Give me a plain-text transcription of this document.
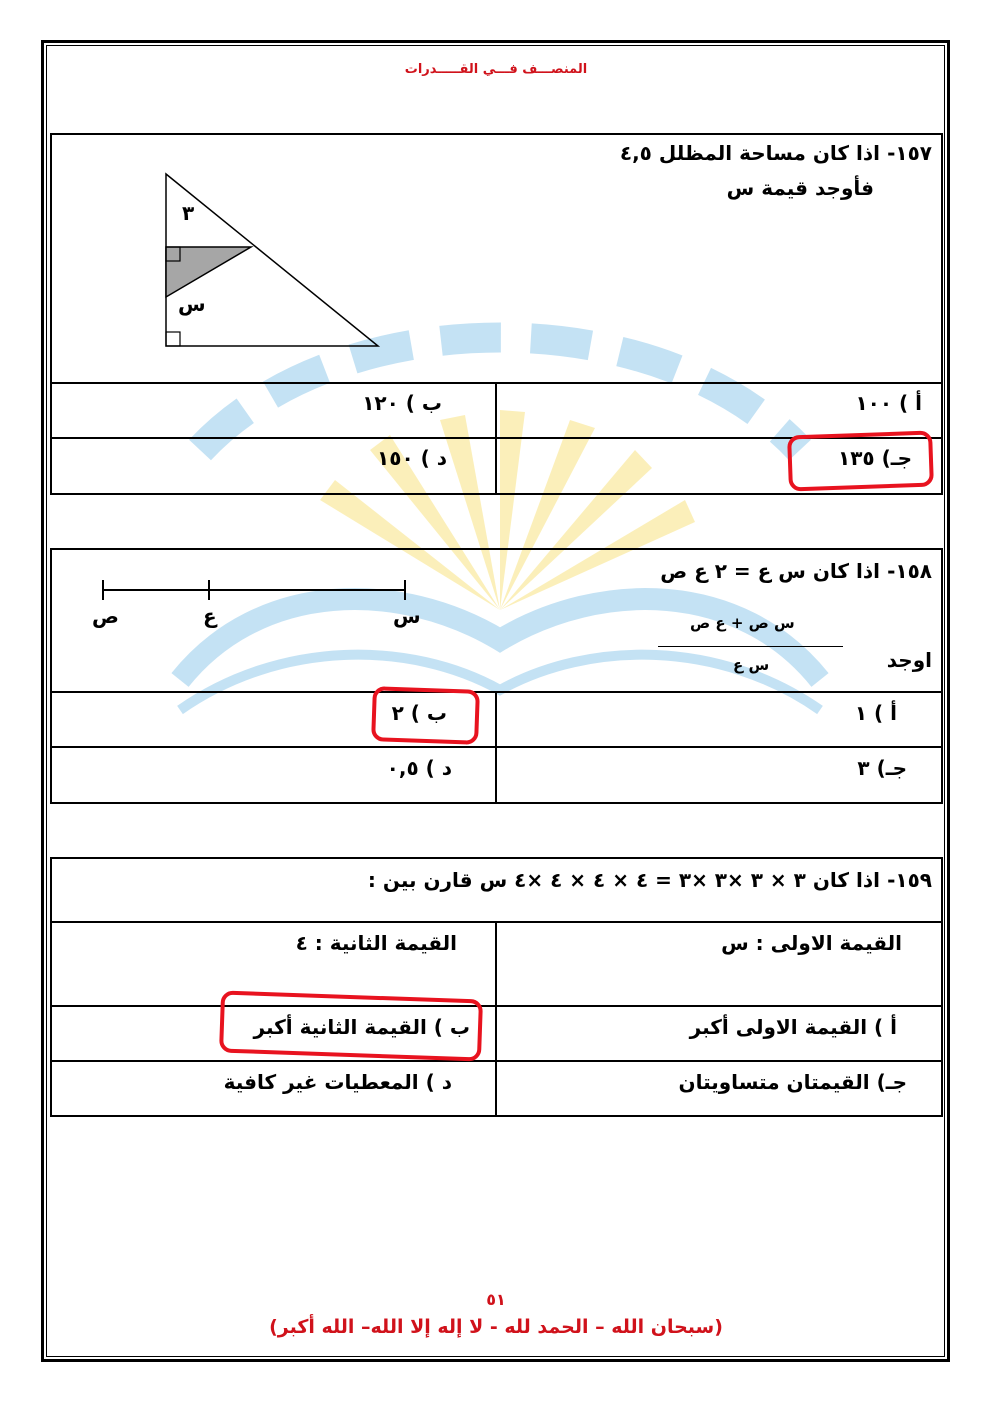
المنصـــف فـــي القـــــدرات
١٥٧-
اذا كان مساحة المظلل ٤,٥
فأوجد قيمة س
٣
س
أ ) ١٠٠
ب ) ١٢٠
جـ) ١٣٥
د ) ١٥٠
١٥٨-
اذا كان س ع = ٢ ع ص
ص	ع	س	س ص + ع ص
س ع	اوجد
أ ) ١
ب ) ٢
جـ) ٣
د ) ٠,٥
١٥٩-
اذا كان ٣ × ٣ ×٣ ×٣ = ٤ × ٤ × ٤ ×٤ س قارن بين :
القيمة الاولى : س
القيمة الثانية : ٤
أ ) القيمة الاولى أكبر
ب ) القيمة الثانية أكبر
جـ) القيمتان متساويتان
د ) المعطيات غير كافية
٥١
(سبحان الله – الحمد لله - لا إله إلا الله– الله أكبر)
